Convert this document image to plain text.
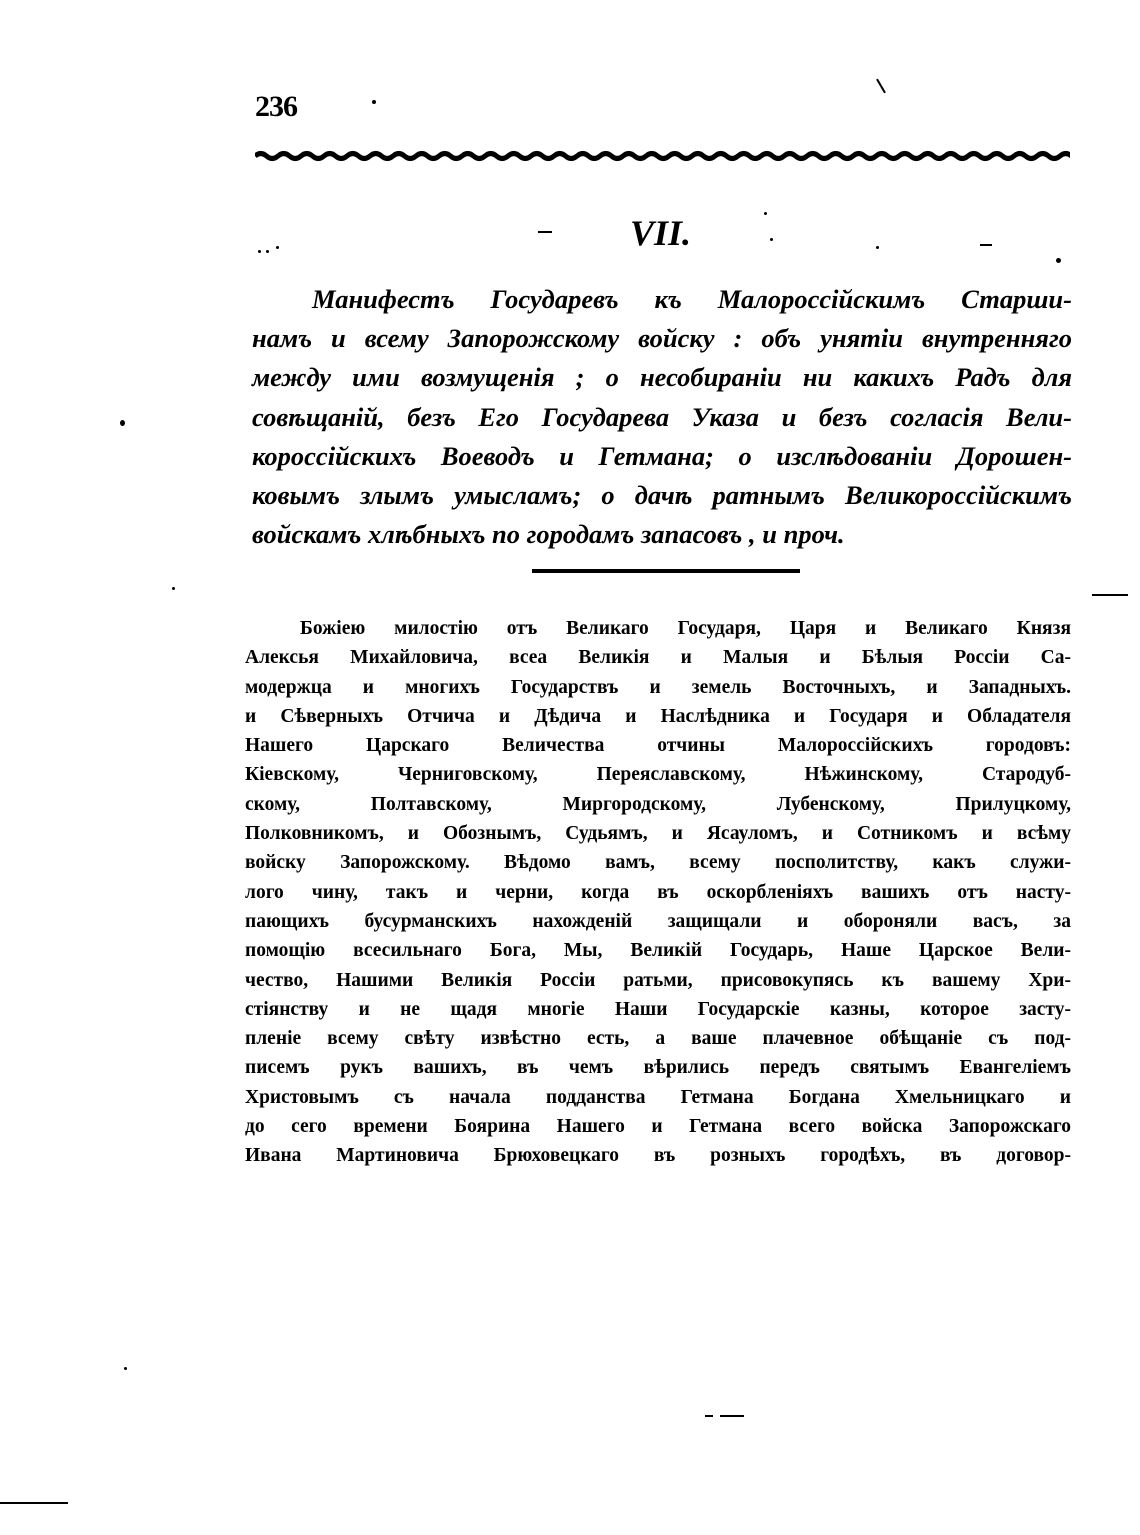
236
VII.

Манифестъ Государевъ къ Малороссійскимъ Старши-
намъ и всему Запорожскому войску : объ унятіи внутренняго
между ими возмущенія ; о несобираніи ни какихъ Радъ для
совѣщаній, безъ Его Государева Указа и безъ согласія Вели-
короссійскихъ Воеводъ и Гетмана; о изслѣдованіи Дорошен-
ковымъ злымъ умысламъ; о дачѣ ратнымъ Великороссійскимъ
войскамъ хлѣбныхъ по городамъ запасовъ , и проч.

Божіею милостію отъ Великаго Государя, Царя и Великаго Князя
Алексья Михайловича, всеа Великія и Малыя и Бѣлыя Россіи Са-
модержца и многихъ Государствъ и земель Восточныхъ, и Западныхъ.
и Сѣверныхъ Отчича и Дѣдича и Наслѣдника и Государя и Обладателя
Нашего Царскаго Величества отчины Малороссійскихъ городовъ:
Кіевскому, Черниговскому, Переяславскому, Нѣжинскому, Стародуб-
скому, Полтавскому, Миргородскому, Лубенскому, Прилуцкому,
Полковникомъ, и Обознымъ, Судьямъ, и Ясауломъ, и Сотникомъ и всѣму
войску Запорожскому. Вѣдомо вамъ, всему посполитству, какъ служи-
лого чину, такъ и черни, когда въ оскорбленіяхъ вашихъ отъ насту-
пающихъ бусурманскихъ нахожденій защищали и обороняли васъ, за
помощію всесильнаго Бога, Мы, Великій Государь, Наше Царское Вели-
чество, Нашими Великія Россіи ратьми, присовокупясь къ вашему Хри-
стіянству и не щадя многіе Наши Государскіе казны, которое засту-
пленіе всему свѣту извѣстно есть, а ваше плачевное обѣщаніе съ под-
писемъ рукъ вашихъ, въ чемъ вѣрились передъ святымъ Евангеліемъ
Христовымъ съ начала подданства Гетмана Богдана Хмельницкаго и
до сего времени Боярина Нашего и Гетмана всего войска Запорожскаго
Ивана Мартиновича Брюховецкаго въ розныхъ городѣхъ, въ договор-
